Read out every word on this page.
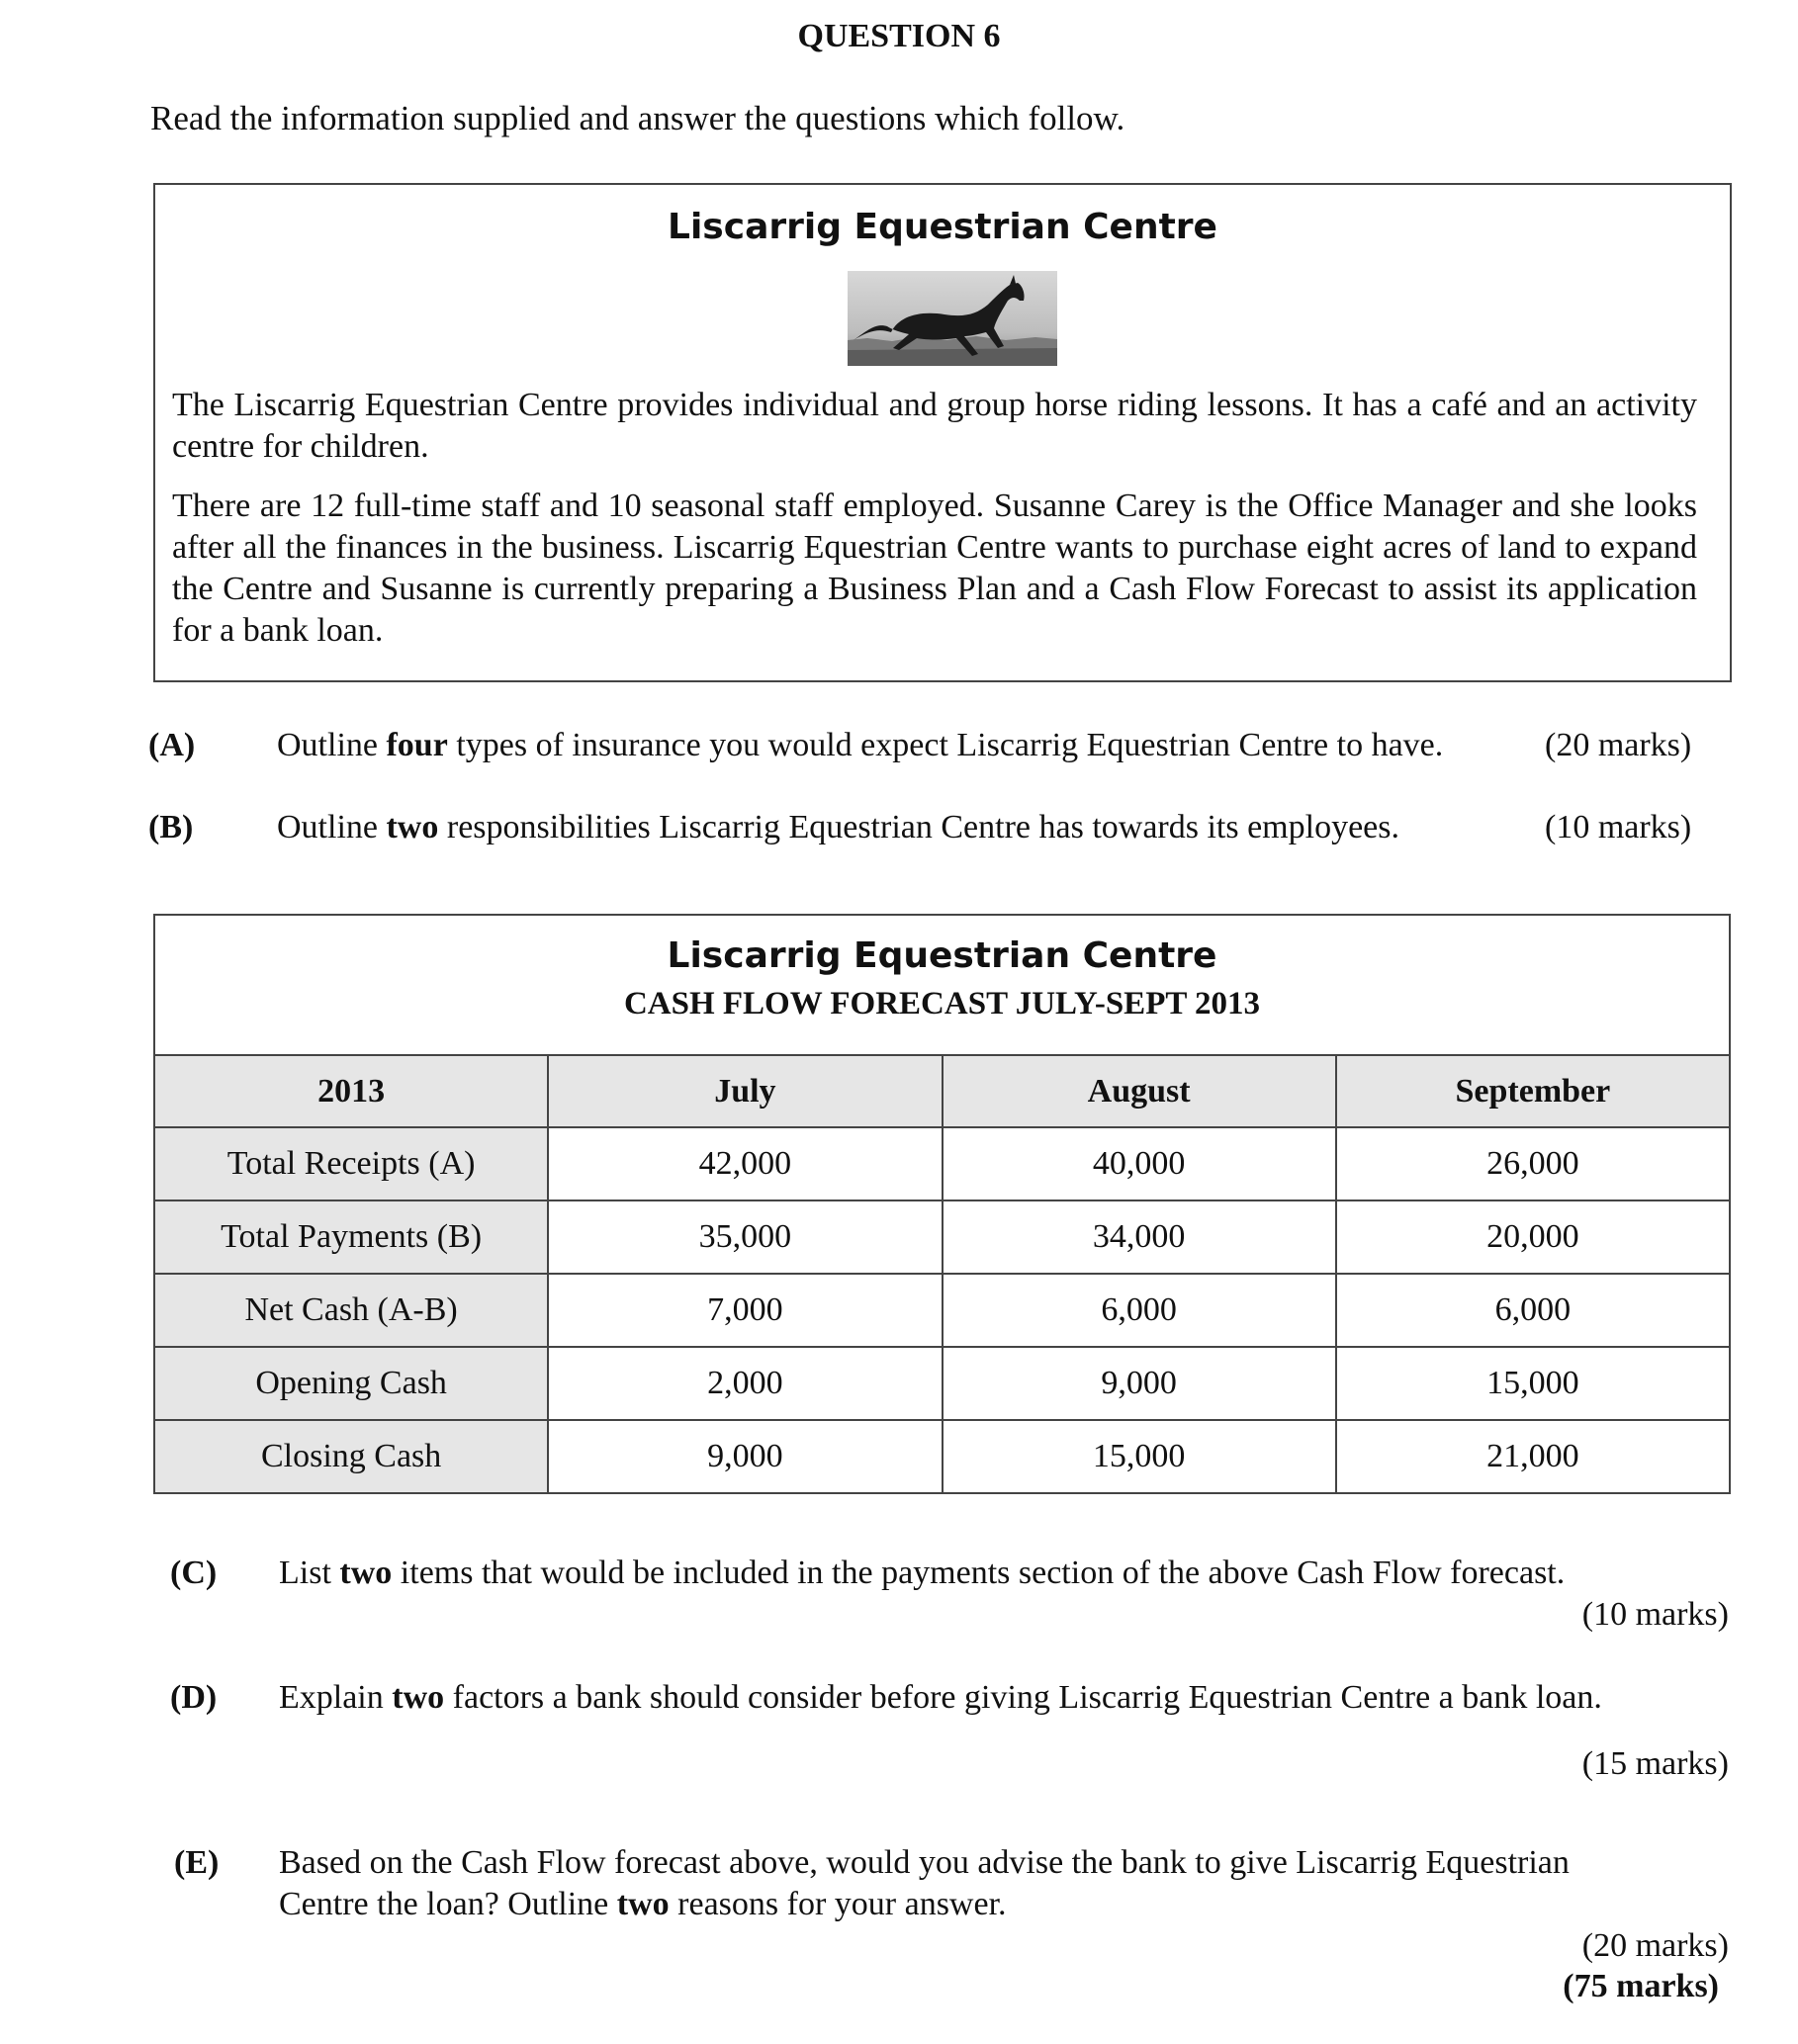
QUESTION 6
Read the information supplied and answer the questions which follow.
Liscarrig Equestrian Centre

The Liscarrig Equestrian Centre provides individual and group horse riding lessons. It has a café and an activity centre for children.

There are 12 full-time staff and 10 seasonal staff employed. Susanne Carey is the Office Manager and she looks after all the finances in the business. Liscarrig Equestrian Centre wants to purchase eight acres of land to expand the Centre and Susanne is currently preparing a Business Plan and a Cash Flow Forecast to assist its application for a bank loan.

(A) Outline four types of insurance you would expect Liscarrig Equestrian Centre to have.	(20 marks)
(B) Outline two responsibilities Liscarrig Equestrian Centre has towards its employees.	(10 marks)
Liscarrig Equestrian Centre
CASH FLOW FORECAST JULY-SEPT 2013			

2013	July	August	September
Total Receipts (A)	42,000	40,000	26,000
Total Payments (B)	35,000	34,000	20,000
Net Cash (A-B)	7,000	6,000	6,000
Opening Cash	2,000	9,000	15,000
Closing Cash	9,000	15,000	21,000
(C) List two items that would be included in the payments section of the above Cash Flow forecast.
(10 marks)
(D) Explain two factors a bank should consider before giving Liscarrig Equestrian Centre a bank loan.
(15 marks)
(E) Based on the Cash Flow forecast above, would you advise the bank to give Liscarrig Equestrian
Centre the loan? Outline two reasons for your answer.
(20 marks)
(75 marks)
